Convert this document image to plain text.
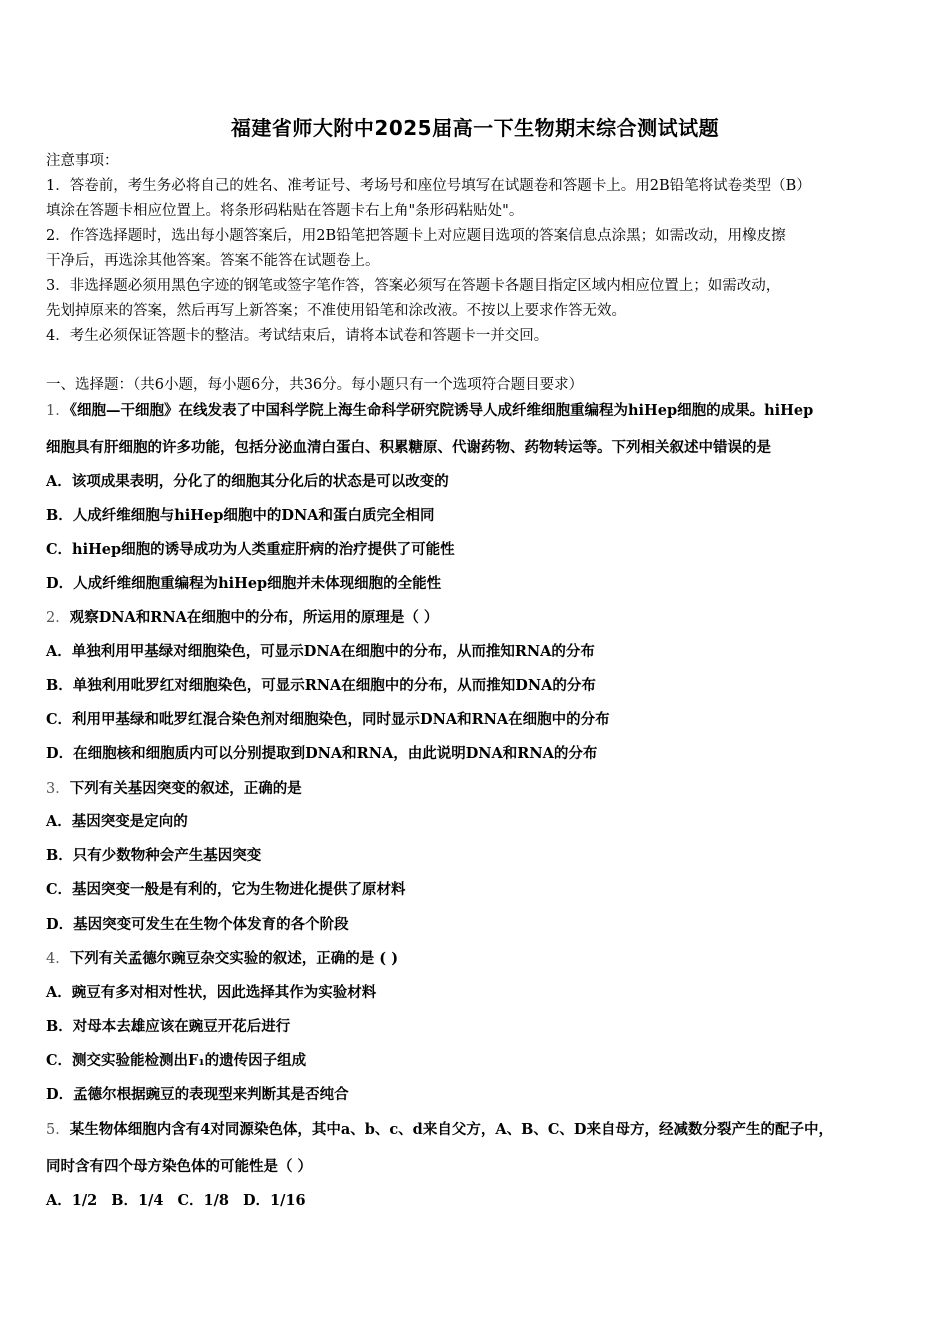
福建省师大附中2025届高一下生物期末综合测试试题
注意事项：
1．答卷前，考生务必将自己的姓名、准考证号、考场号和座位号填写在试题卷和答题卡上。用2B铅笔将试卷类型（B）
填涂在答题卡相应位置上。将条形码粘贴在答题卡右上角"条形码粘贴处"。
2．作答选择题时，选出每小题答案后，用2B铅笔把答题卡上对应题目选项的答案信息点涂黑；如需改动，用橡皮擦
干净后，再选涂其他答案。答案不能答在试题卷上。
3．非选择题必须用黑色字迹的钢笔或签字笔作答，答案必须写在答题卡各题目指定区域内相应位置上；如需改动，
先划掉原来的答案，然后再写上新答案；不准使用铅笔和涂改液。不按以上要求作答无效。
4．考生必须保证答题卡的整洁。考试结束后，请将本试卷和答题卡一并交回。
一、选择题：（共6小题，每小题6分，共36分。每小题只有一个选项符合题目要求）
1．《细胞—干细胞》在线发表了中国科学院上海生命科学研究院诱导人成纤维细胞重编程为hiHep细胞的成果。hiHep
细胞具有肝细胞的许多功能，包括分泌血清白蛋白、积累糖原、代谢药物、药物转运等。下列相关叙述中错误的是
A．该项成果表明，分化了的细胞其分化后的状态是可以改变的
B．人成纤维细胞与hiHep细胞中的DNA和蛋白质完全相同
C．hiHep细胞的诱导成功为人类重症肝病的治疗提供了可能性
D．人成纤维细胞重编程为hiHep细胞并未体现细胞的全能性
2．观察DNA和RNA在细胞中的分布，所运用的原理是（ ）
A．单独利用甲基绿对细胞染色，可显示DNA在细胞中的分布，从而推知RNA的分布
B．单独利用吡罗红对细胞染色，可显示RNA在细胞中的分布，从而推知DNA的分布
C．利用甲基绿和吡罗红混合染色剂对细胞染色，同时显示DNA和RNA在细胞中的分布
D．在细胞核和细胞质内可以分别提取到DNA和RNA，由此说明DNA和RNA的分布
3．下列有关基因突变的叙述，正确的是
A．基因突变是定向的
B．只有少数物种会产生基因突变
C．基因突变一般是有利的，它为生物进化提供了原材料
D．基因突变可发生在生物个体发育的各个阶段
4．下列有关孟德尔豌豆杂交实验的叙述，正确的是 ( )
A．豌豆有多对相对性状，因此选择其作为实验材料
B．对母本去雄应该在豌豆开花后进行
C．测交实验能检测出F₁的遗传因子组成
D．孟德尔根据豌豆的表现型来判断其是否纯合
5．某生物体细胞内含有4对同源染色体，其中a、b、c、d来自父方，A、B、C、D来自母方，经减数分裂产生的配子中，
同时含有四个母方染色体的可能性是（ ）
A．1/2 B．1/4 C．1/8 D．1/16
